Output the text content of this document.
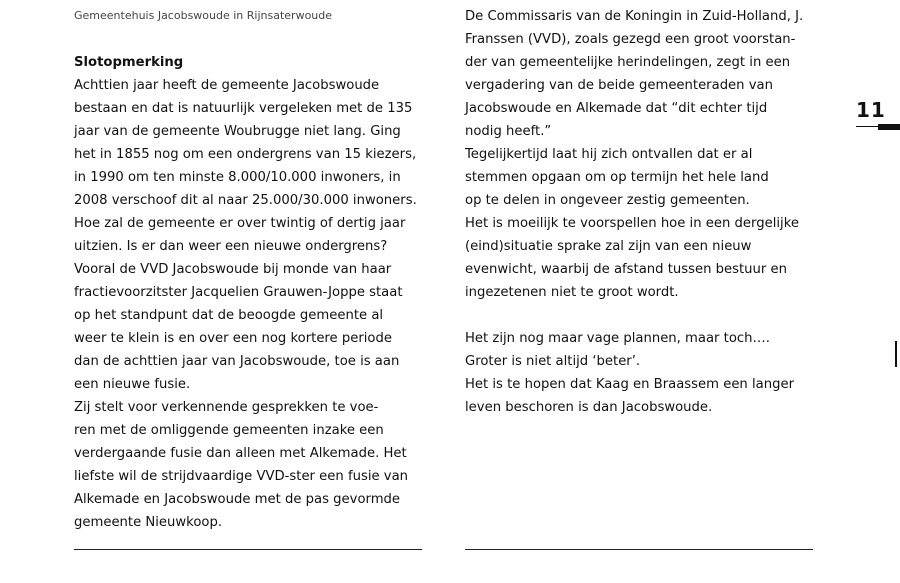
Gemeentehuis Jacobswoude in Rijnsaterwoude

Slotopmerking

Achttien jaar heeft de gemeente Jacobswoude

bestaan en dat is natuurlijk vergeleken met de 135

jaar van de gemeente Woubrugge niet lang. Ging

het in 1855 nog om een ondergrens van 15 kiezers,

in 1990 om ten minste 8.000/10.000 inwoners, in

2008 verschoof dit al naar 25.000/30.000 inwoners.

Hoe zal de gemeente er over twintig of dertig jaar

uitzien. Is er dan weer een nieuwe ondergrens?

Vooral de VVD Jacobswoude bij monde van haar

fractievoorzitster Jacquelien Grauwen-Joppe staat

op het standpunt dat de beoogde gemeente al

weer te klein is en over een nog kortere periode

dan de achttien jaar van Jacobswoude, toe is aan

een nieuwe fusie.

Zij stelt voor verkennende gesprekken te voe-

ren met de omliggende gemeenten inzake een

verdergaande fusie dan alleen met Alkemade. Het

liefste wil de strijdvaardige VVD-ster een fusie van

Alkemade en Jacobswoude met de pas gevormde

gemeente Nieuwkoop.

De Commissaris van de Koningin in Zuid-Holland, J.

Franssen (VVD), zoals gezegd een groot voorstan-

der van gemeentelijke herindelingen, zegt in een

vergadering van de beide gemeenteraden van

Jacobswoude en Alkemade dat “dit echter tijd

nodig heeft.”

Tegelijkertijd laat hij zich ontvallen dat er al

stemmen opgaan om op termijn het hele land

op te delen in ongeveer zestig gemeenten.

Het is moeilijk te voorspellen hoe in een dergelijke

(eind)situatie sprake zal zijn van een nieuw

evenwicht, waarbij de afstand tussen bestuur en

ingezetenen niet te groot wordt.

Het zijn nog maar vage plannen, maar toch….

Groter is niet altijd ‘beter’.

Het is te hopen dat Kaag en Braassem een langer

leven beschoren is dan Jacobswoude.

11
